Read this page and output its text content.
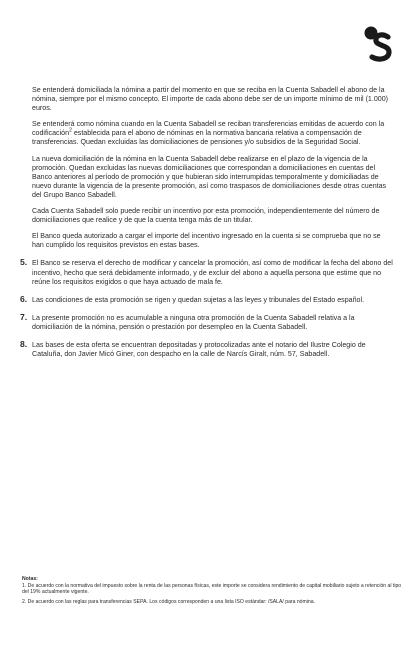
Se entenderá domiciliada la nómina a partir del momento en que se reciba en la Cuenta Sabadell el abono de la nómina, siempre por el mismo concepto. El importe de cada abono debe ser de un importe mínimo de mil (1.000) euros.

Se entenderá como nómina cuando en la Cuenta Sabadell se reciban transferencias emitidas de acuerdo con la codificación$^2$ establecida para el abono de nóminas en la normativa bancaria relativa a compensación de transferencias. Quedan excluidas las domiciliaciones de pensiones y/o subsidios de la Seguridad Social.

La nueva domiciliación de la nómina en la Cuenta Sabadell debe realizarse en el plazo de la vigencia de la promoción. Quedan excluidas las nuevas domiciliaciones que correspondan a domiciliaciones en cuentas del Banco anteriores al período de promoción y que hubieran sido interrumpidas temporalmente y domiciliadas de nuevo durante la vigencia de la presente promoción, así como traspasos de domiciliaciones desde otras cuentas del Grupo Banco Sabadell.

Cada Cuenta Sabadell solo puede recibir un incentivo por esta promoción, independientemente del número de domiciliaciones que realice y de que la cuenta tenga más de un titular.

El Banco queda autorizado a cargar el importe del incentivo ingresado en la cuenta si se comprueba que no se han cumplido los requisitos previstos en estas bases.

5. El Banco se reserva el derecho de modificar y cancelar la promoción, así como de modificar la fecha del abono del incentivo, hecho que será debidamente informado, y de excluir del abono a aquella persona que estime que no reúne los requisitos exigidos o que haya actuado de mala fe.
6. Las condiciones de esta promoción se rigen y quedan sujetas a las leyes y tribunales del Estado español.
7. La presente promoción no es acumulable a ninguna otra promoción de la Cuenta Sabadell relativa a la domiciliación de la nómina, pensión o prestación por desempleo en la Cuenta Sabadell.
8. Las bases de esta oferta se encuentran depositadas y protocolizadas ante el notario del Ilustre Colegio de Cataluña, don Javier Micó Giner, con despacho en la calle de Narcís Giralt, núm. 57, Sabadell.
Notas:

1. De acuerdo con la normativa del impuesto sobre la renta de las personas físicas, este importe se considera rendimiento de capital mobiliario sujeto a retención al tipo del 19% actualmente vigente.

2. De acuerdo con las reglas para transferencias SEPA. Los códigos corresponden a una lista ISO estándar: /SALA/ para nómina.
